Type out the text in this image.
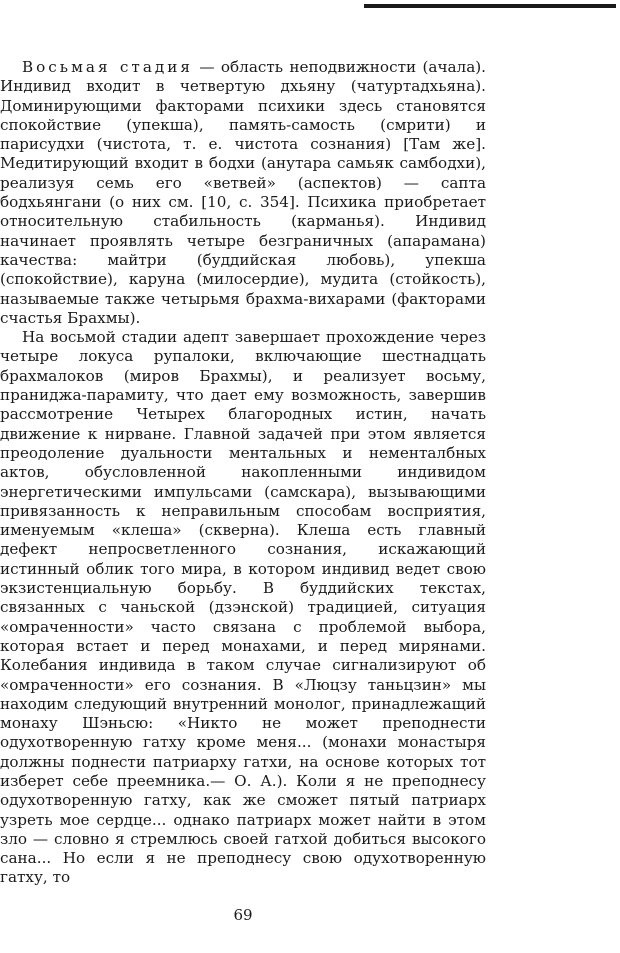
Восьмая стадия — область неподвижности (ачала). Индивид входит в четвертую дхьяну (чатуртадхьяна). Доминирующими факторами психики здесь становятся спокойствие (упекша), память-самость (смрити) и парисудхи (чистота, т. е. чистота сознания) [Там же]. Медитирующий входит в бодхи (анутара самьяк самбодхи), реализуя семь его «ветвей» (аспектов) — сапта бодхьянгани (о них см. [10, с. 354]. Психика приобретает относительную стабильность (карманья). Индивид начинает проявлять четыре безграничных (апарамана) качества: майтри (буддийская любовь), упекша (спокойствие), каруна (милосердие), мудита (стойкость), называемые также четырьмя брахма-вихарами (факторами счастья Брахмы).

На восьмой стадии адепт завершает прохождение через четыре локуса рупалоки, включающие шестнадцать брахмалоков (миров Брахмы), и реализует восьму, праниджа-парамиту, что дает ему возможность, завершив рассмотрение Четырех благородных истин, начать движение к нирване. Главной задачей при этом является преодоление дуальности ментальных и нементалбных актов, обусловленной накопленными индивидом энергетическими импульсами (самскара), вызывающими привязанность к неправильным способам восприятия, именуемым «клеша» (скверна). Клеша есть главный дефект непросветленного сознания, искажающий истинный облик того мира, в котором индивид ведет свою экзистенциальную борьбу. В буддийских текстах, связанных с чаньской (дзэнской) традицией, ситуация «омраченности» часто связана с проблемой выбора, которая встает и перед монахами, и перед мирянами. Колебания индивида в таком случае сигнализируют об «омраченности» его сознания. В «Люцзу таньцзин» мы находим следующий внутренний монолог, принадлежащий монаху Шэньсю: «Никто не может преподнести одухотворенную гатху кроме меня... (монахи монастыря должны поднести патриарху гатхи, на основе которых тот изберет себе преемника.— О. А.). Коли я не преподнесу одухотворенную гатху, как же сможет пятый патриарх узреть мое сердце... однако патриарх может найти в этом зло — словно я стремлюсь своей гатхой добиться высокого сана... Но если я не преподнесу свою одухотворенную гатху, то

69
